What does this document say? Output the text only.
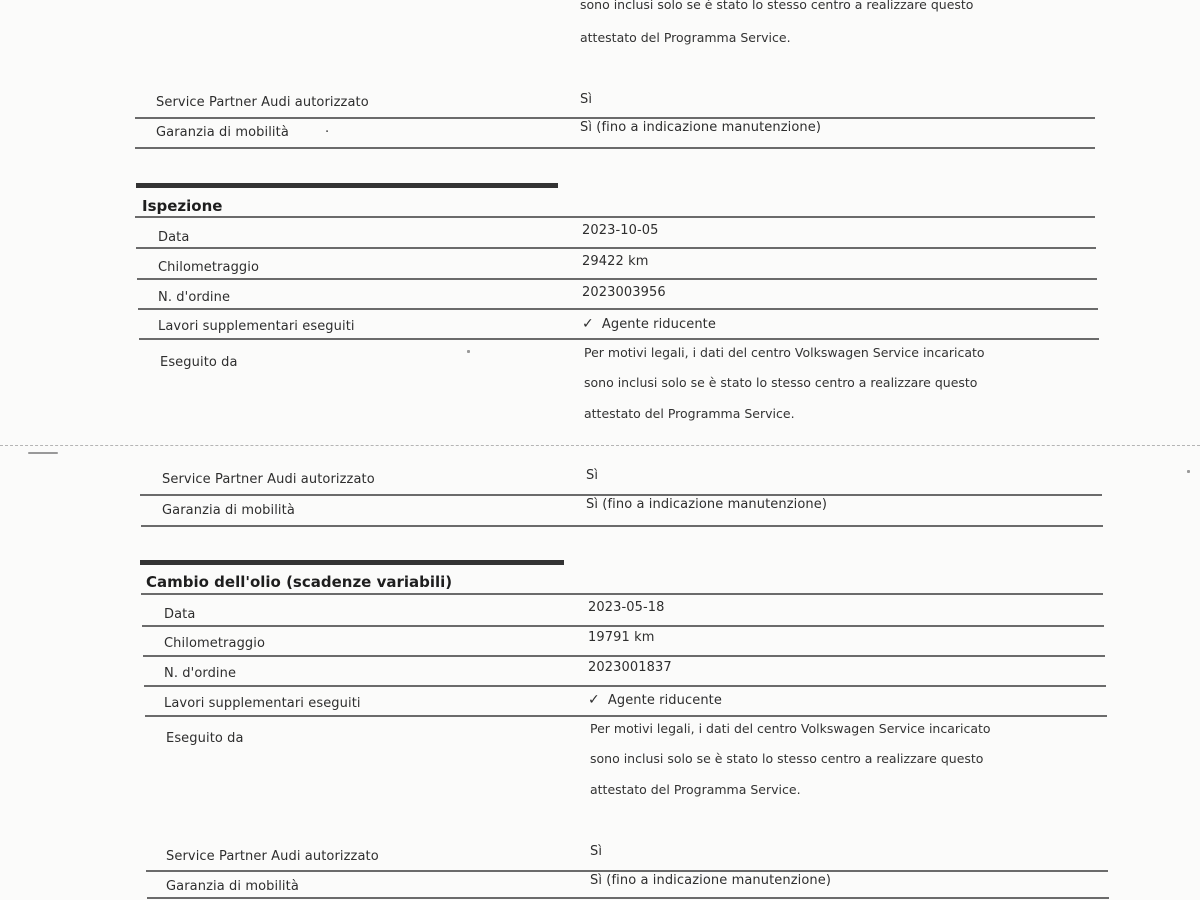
sono inclusi solo se è stato lo stesso centro a realizzare questo
attestato del Programma Service.
Service Partner Audi autorizzato	Sì
Garanzia di mobilità	·	Sì (fino a indicazione manutenzione)
Ispezione
Data	2023-10-05
Chilometraggio	29422 km
N. d'ordine	2023003956
Lavori supplementari eseguiti	✓ Agente riducente
Eseguito da
Per motivi legali, i dati del centro Volkswagen Service incaricato
sono inclusi solo se è stato lo stesso centro a realizzare questo
attestato del Programma Service.
Service Partner Audi autorizzato	Sì
Garanzia di mobilità	Sì (fino a indicazione manutenzione)
Cambio dell'olio (scadenze variabili)
Data	2023-05-18
Chilometraggio	19791 km
N. d'ordine	2023001837
Lavori supplementari eseguiti	✓ Agente riducente
Eseguito da
Per motivi legali, i dati del centro Volkswagen Service incaricato
sono inclusi solo se è stato lo stesso centro a realizzare questo
attestato del Programma Service.
Service Partner Audi autorizzato	Sì
Garanzia di mobilità	Sì (fino a indicazione manutenzione)
